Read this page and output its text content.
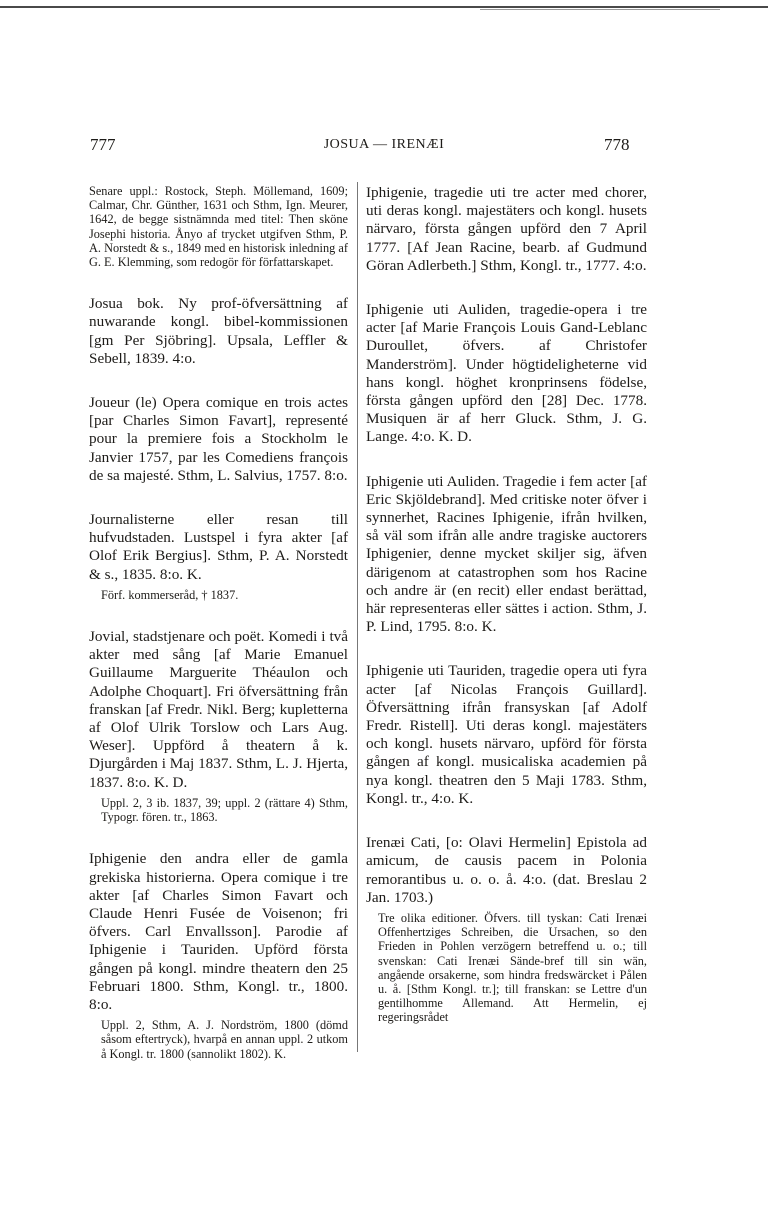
777	JOSUA — IRENÆI	778

Senare uppl.: Rostock, Steph. Möllemand, 1609; Calmar, Chr. Günther, 1631 och Sthm, Ign. Meurer, 1642, de begge sistnämnda med titel: Then sköne Josephi historia. Ånyo af trycket utgifven Sthm, P. A. Norstedt & s., 1849 med en historisk inledning af G. E. Klemming, som redogör för författarskapet.

Josua bok. Ny prof-öfversättning af nuwarande kongl. bibel-kommissionen [gm Per Sjöbring]. Upsala, Leffler & Sebell, 1839. 4:o.

Joueur (le) Opera comique en trois actes [par Charles Simon Favart], representé pour la premiere fois a Stockholm le Janvier 1757, par les Comediens françois de sa majesté. Sthm, L. Salvius, 1757. 8:o.

Journalisterne eller resan till hufvudstaden. Lustspel i fyra akter [af Olof Erik Bergius]. Sthm, P. A. Norstedt & s., 1835. 8:o. K.

Förf. kommerseråd, † 1837.

Jovial, stadstjenare och poët. Komedi i två akter med sång [af Marie Emanuel Guillaume Marguerite Théaulon och Adolphe Choquart]. Fri öfversättning från franskan [af Fredr. Nikl. Berg; kupletterna af Olof Ulrik Torslow och Lars Aug. Weser]. Uppförd å theatern å k. Djurgården i Maj 1837. Sthm, L. J. Hjerta, 1837. 8:o. K. D.

Uppl. 2, 3 ib. 1837, 39; uppl. 2 (rättare 4) Sthm, Typogr. fören. tr., 1863.

Iphigenie den andra eller de gamla grekiska historierna. Opera comique i tre akter [af Charles Simon Favart och Claude Henri Fusée de Voisenon; fri öfvers. Carl Envallsson]. Parodie af Iphigenie i Tauriden. Upförd första gången på kongl. mindre theatern den 25 Februari 1800. Sthm, Kongl. tr., 1800. 8:o.

Uppl. 2, Sthm, A. J. Nordström, 1800 (dömd såsom eftertryck), hvarpå en annan uppl. 2 utkom å Kongl. tr. 1800 (sannolikt 1802). K.

Iphigenie, tragedie uti tre acter med chorer, uti deras kongl. majestäters och kongl. husets närvaro, första gången upförd den 7 April 1777. [Af Jean Racine, bearb. af Gudmund Göran Adlerbeth.] Sthm, Kongl. tr., 1777. 4:o.

Iphigenie uti Auliden, tragedie-opera i tre acter [af Marie François Louis Gand-Leblanc Duroullet, öfvers. af Christofer Manderström]. Under högtideligheterne vid hans kongl. höghet kronprinsens födelse, första gången upförd den [28] Dec. 1778. Musiquen är af herr Gluck. Sthm, J. G. Lange. 4:o. K. D.

Iphigenie uti Auliden. Tragedie i fem acter [af Eric Skjöldebrand]. Med critiske noter öfver i synnerhet, Racines Iphigenie, ifrån hvilken, så väl som ifrån alle andre tragiske auctorers Iphigenier, denne mycket skiljer sig, äfven därigenom at catastrophen som hos Racine och andre är (en recit) eller endast berättad, här representeras eller sättes i action. Sthm, J. P. Lind, 1795. 8:o. K.

Iphigenie uti Tauriden, tragedie opera uti fyra acter [af Nicolas François Guillard]. Öfversättning ifrån fransyskan [af Adolf Fredr. Ristell]. Uti deras kongl. majestäters och kongl. husets närvaro, upförd för första gången af kongl. musicaliska academien på nya kongl. theatren den 5 Maji 1783. Sthm, Kongl. tr., 4:o. K.

Irenæi Cati, [o: Olavi Hermelin] Epistola ad amicum, de causis pacem in Polonia remorantibus u. o. o. å. 4:o. (dat. Breslau 2 Jan. 1703.)

Tre olika editioner. Öfvers. till tyskan: Cati Irenæi Offenhertziges Schreiben, die Ursachen, so den Frieden in Pohlen verzögern betreffend u. o.; till svenskan: Cati Irenæi Sände-bref till sin wän, angående orsakerne, som hindra fredswärcket i Pålen u. å. [Sthm Kongl. tr.]; till franskan: se Lettre d'un gentilhomme Allemand. Att Hermelin, ej regeringsrådet
